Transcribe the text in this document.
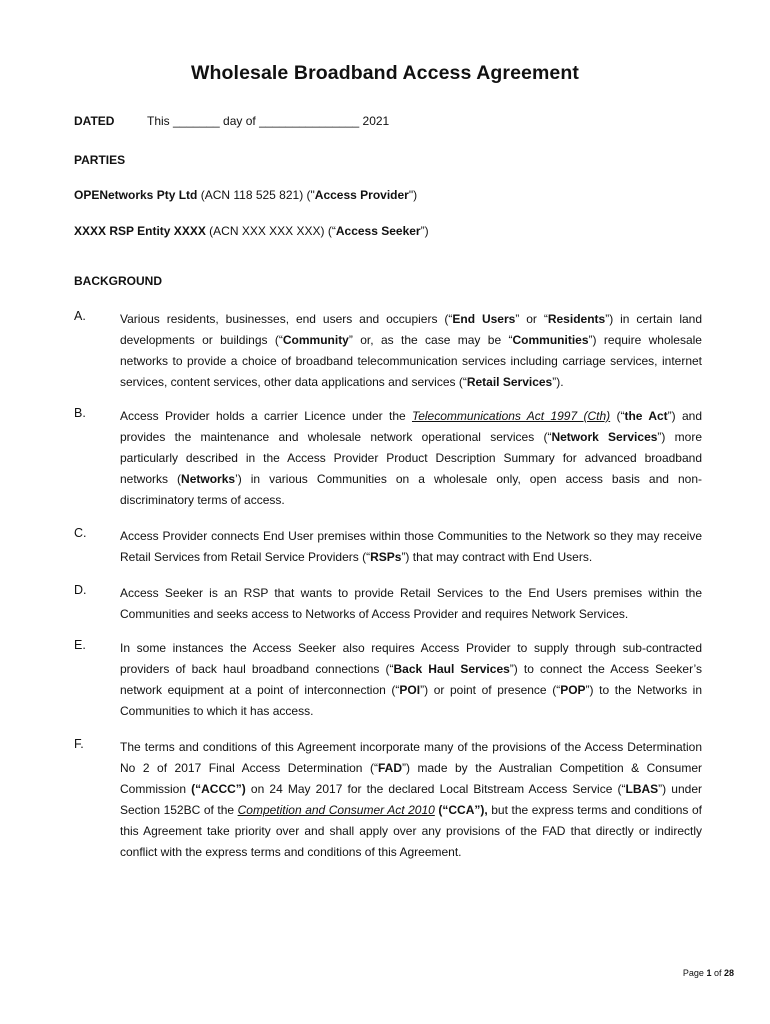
Wholesale Broadband Access Agreement
DATED	This _______ day of _______________ 2021
PARTIES
OPENetworks Pty Ltd (ACN 118 525 821) ("Access Provider")
XXXX RSP Entity XXXX (ACN XXX XXX XXX) (“Access Seeker”)
BACKGROUND
A.	Various residents, businesses, end users and occupiers (“End Users” or “Residents”) in certain land developments or buildings (“Community” or, as the case may be “Communities”) require wholesale networks to provide a choice of broadband telecommunication services including carriage services, internet services, content services, other data applications and services (“Retail Services”).
B.	Access Provider holds a carrier Licence under the Telecommunications Act 1997 (Cth) (“the Act”) and provides the maintenance and wholesale network operational services (“Network Services”) more particularly described in the Access Provider Product Description Summary for advanced broadband networks (Networks’) in various Communities on a wholesale only, open access basis and non-discriminatory terms of access.
C.	Access Provider connects End User premises within those Communities to the Network so they may receive Retail Services from Retail Service Providers (“RSPs”) that may contract with End Users.
D.	Access Seeker is an RSP that wants to provide Retail Services to the End Users premises within the Communities and seeks access to Networks of Access Provider and requires Network Services.
E.	In some instances the Access Seeker also requires Access Provider to supply through sub-contracted providers of back haul broadband connections (“Back Haul Services”) to connect the Access Seeker’s network equipment at a point of interconnection (“POI”) or point of presence (“POP”) to the Networks in Communities to which it has access.
F.	The terms and conditions of this Agreement incorporate many of the provisions of the Access Determination No 2 of 2017 Final Access Determination (“FAD”) made by the Australian Competition & Consumer Commission (“ACCC”) on 24 May 2017 for the declared Local Bitstream Access Service (“LBAS”) under Section 152BC of the Competition and Consumer Act 2010 (“CCA”), but the express terms and conditions of this Agreement take priority over and shall apply over any provisions of the FAD that directly or indirectly conflict with the express terms and conditions of this Agreement.
Page 1 of 28
